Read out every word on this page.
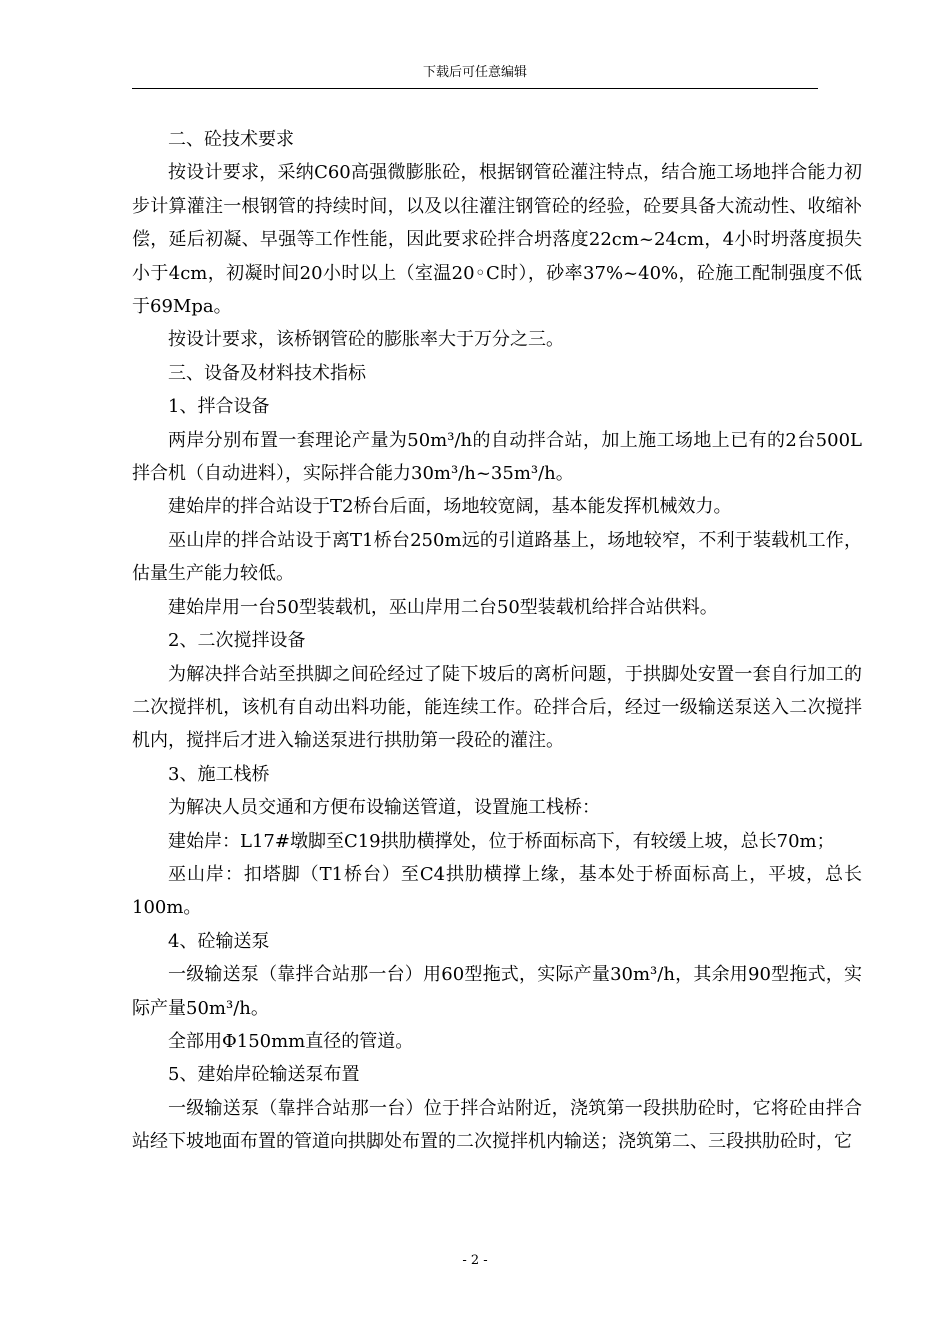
下载后可任意编辑

二、砼技术要求

按设计要求，采纳C60高强微膨胀砼，根据钢管砼灌注特点，结合施工场地拌合能力初步计算灌注一根钢管的持续时间，以及以往灌注钢管砼的经验，砼要具备大流动性、收缩补偿，延后初凝、早强等工作性能，因此要求砼拌合坍落度22cm~24cm，4小时坍落度损失小于4cm，初凝时间20小时以上（室温20◦C时），砂率37%~40%，砼施工配制强度不低于69Mpa。

按设计要求，该桥钢管砼的膨胀率大于万分之三。

三、设备及材料技术指标

1、拌合设备

两岸分别布置一套理论产量为50m³/h的自动拌合站，加上施工场地上已有的2台500L拌合机（自动进料），实际拌合能力30m³/h~35m³/h。

建始岸的拌合站设于T2桥台后面，场地较宽阔，基本能发挥机械效力。

巫山岸的拌合站设于离T1桥台250m远的引道路基上，场地较窄，不利于装载机工作，估量生产能力较低。

建始岸用一台50型装载机，巫山岸用二台50型装载机给拌合站供料。

2、二次搅拌设备

为解决拌合站至拱脚之间砼经过了陡下坡后的离析问题，于拱脚处安置一套自行加工的二次搅拌机，该机有自动出料功能，能连续工作。砼拌合后，经过一级输送泵送入二次搅拌机内，搅拌后才进入输送泵进行拱肋第一段砼的灌注。

3、施工栈桥

为解决人员交通和方便布设输送管道，设置施工栈桥：

建始岸：L17#墩脚至C19拱肋横撑处，位于桥面标高下，有较缓上坡，总长70m；

巫山岸：扣塔脚（T1桥台）至C4拱肋横撑上缘，基本处于桥面标高上，平坡，总长100m。

4、砼输送泵

一级输送泵（靠拌合站那一台）用60型拖式，实际产量30m³/h，其余用90型拖式，实际产量50m³/h。

全部用Φ150mm直径的管道。

5、建始岸砼输送泵布置

一级输送泵（靠拌合站那一台）位于拌合站附近，浇筑第一段拱肋砼时，它将砼由拌合站经下坡地面布置的管道向拱脚处布置的二次搅拌机内输送；浇筑第二、三段拱肋砼时，它

- 2 -
